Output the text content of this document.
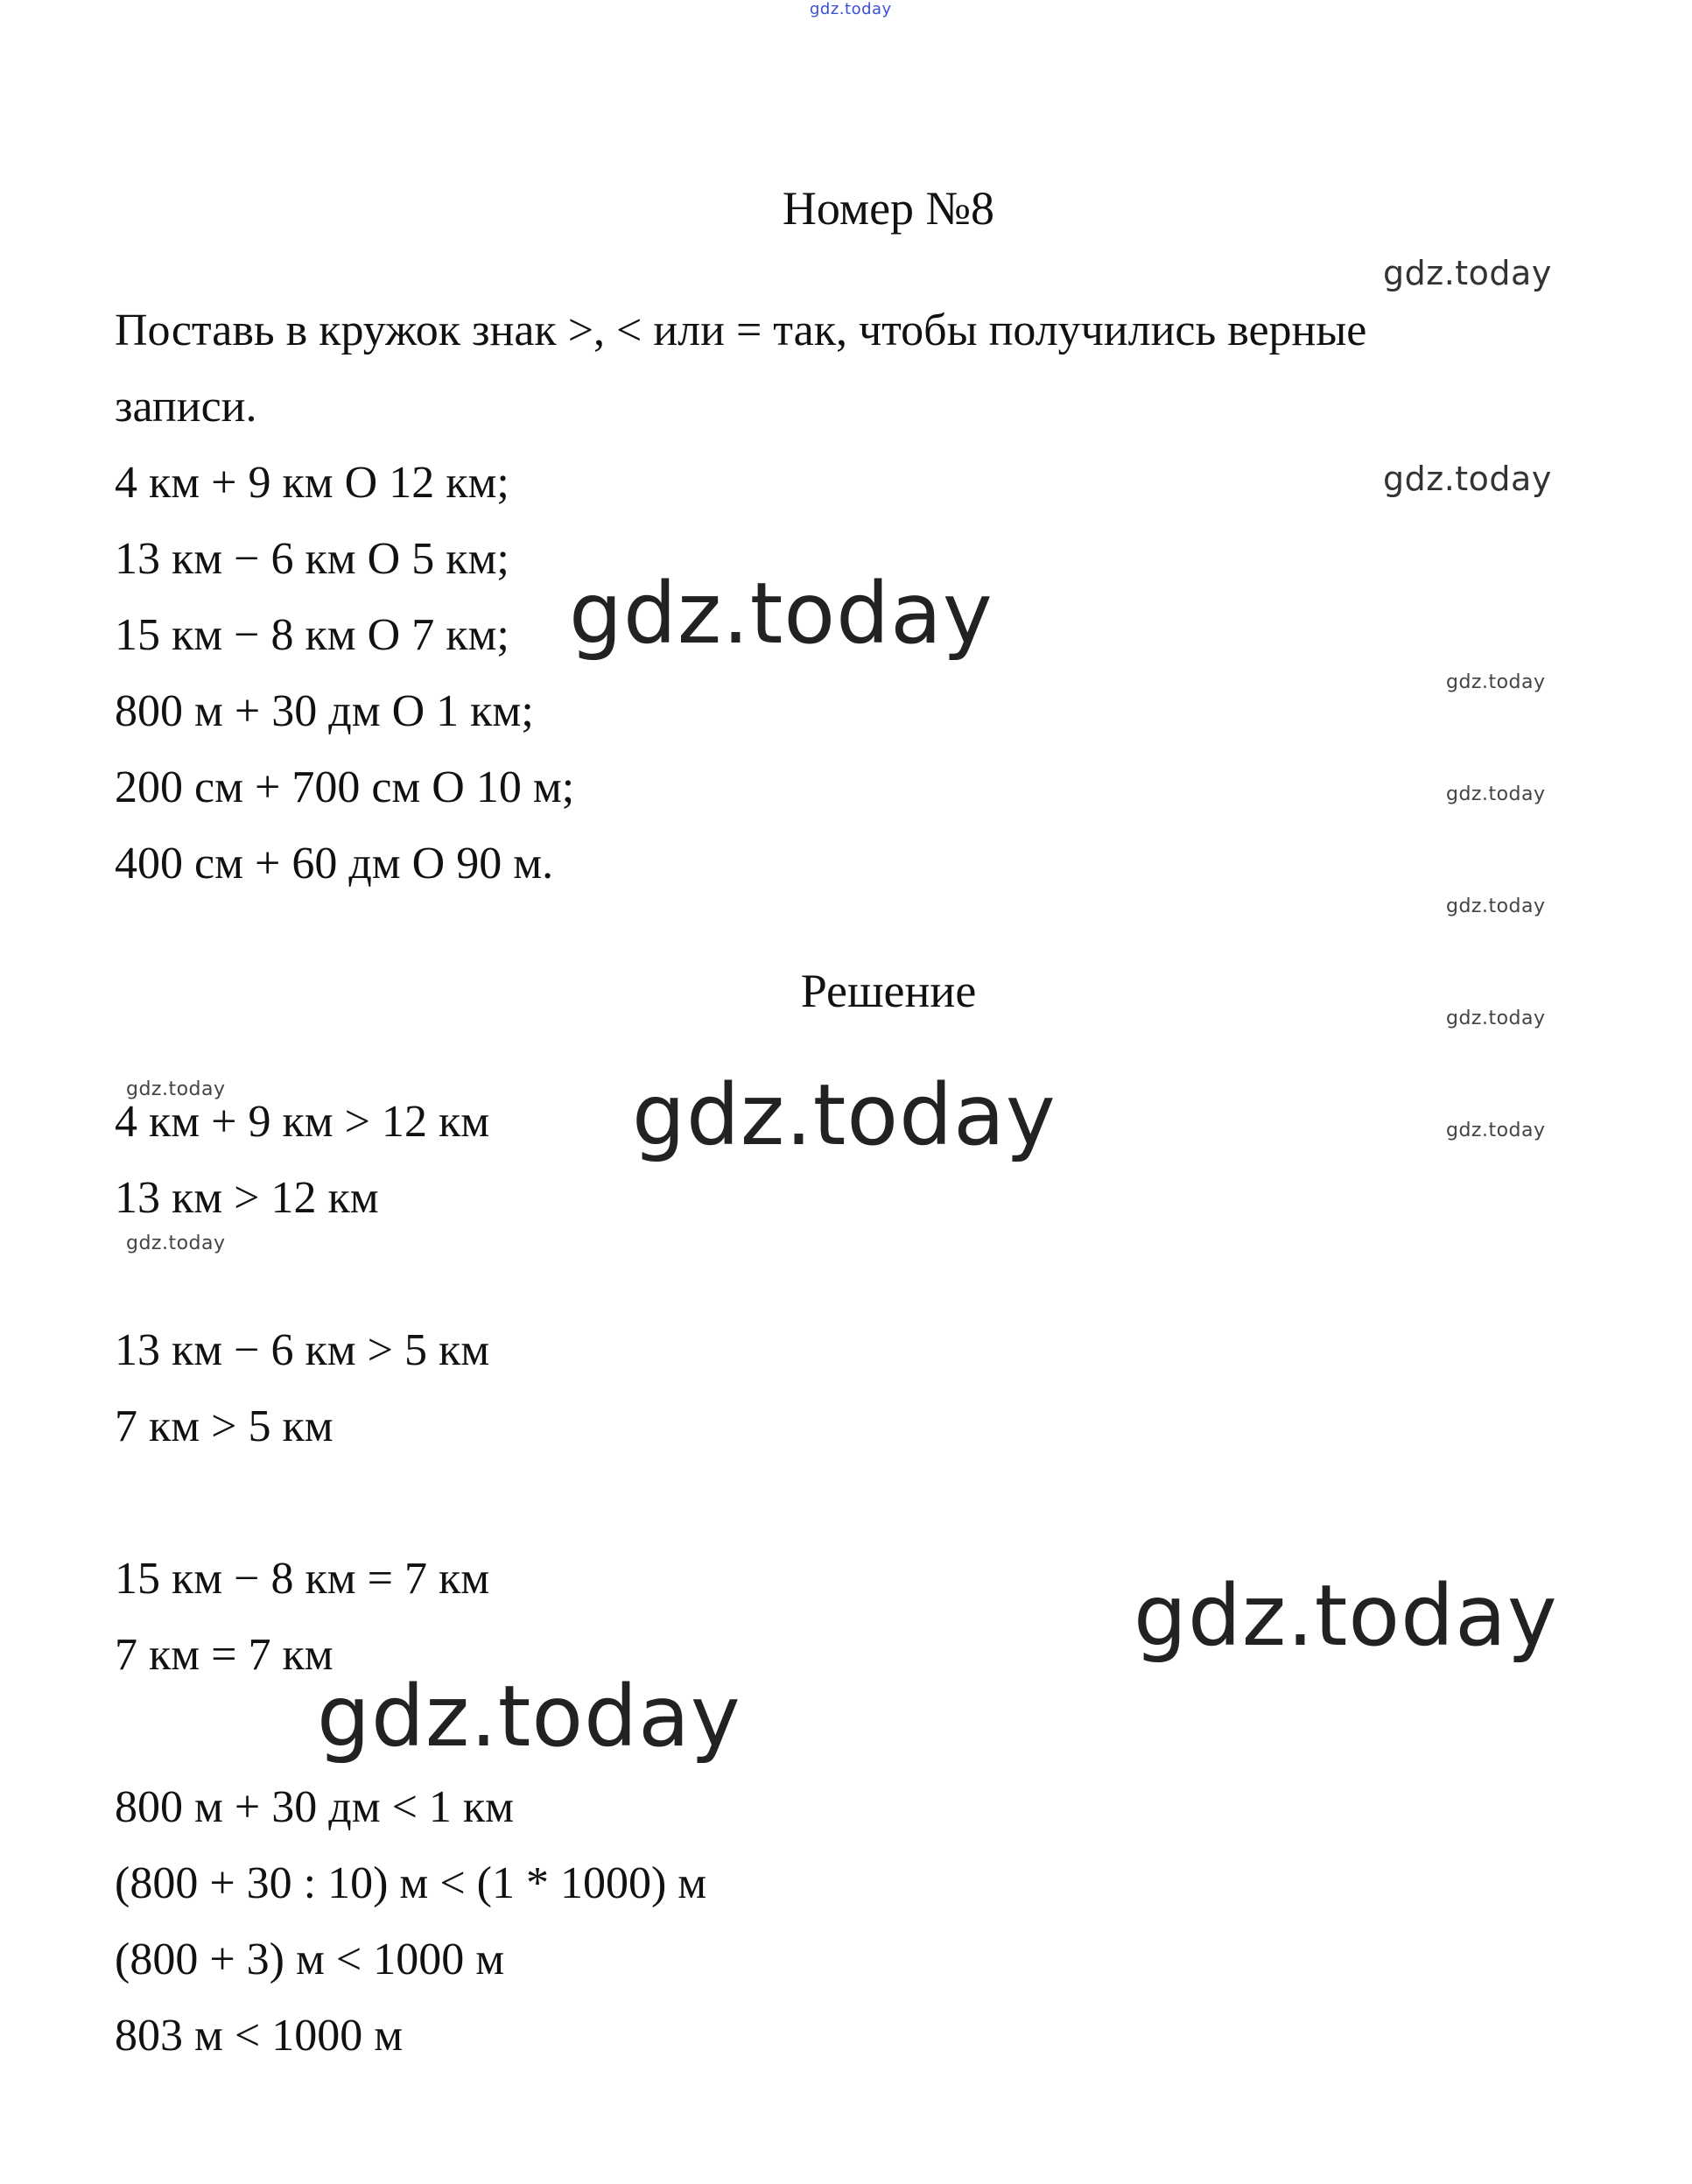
gdz.today
gdz.today
gdz.today
gdz.today
gdz.today
gdz.today
gdz.today
gdz.today
gdz.today	gdz.today	gdz.today
gdz.today
gdz.today
gdz.today
Номер №8
Поставь в кружок знак >, < или = так, чтобы получились верные
записи.
4 км + 9 км O 12 км;
13 км − 6 км O 5 км;
15 км − 8 км O 7 км;
800 м + 30 дм O 1 км;
200 см + 700 см O 10 м;
400 см + 60 дм O 90 м.
Решение
4 км + 9 км > 12 км
13 км > 12 км
13 км − 6 км > 5 км
7 км > 5 км
15 км − 8 км = 7 км
7 км = 7 км
800 м + 30 дм < 1 км
(800 + 30 : 10) м < (1 * 1000) м
(800 + 3) м < 1000 м
803 м < 1000 м
